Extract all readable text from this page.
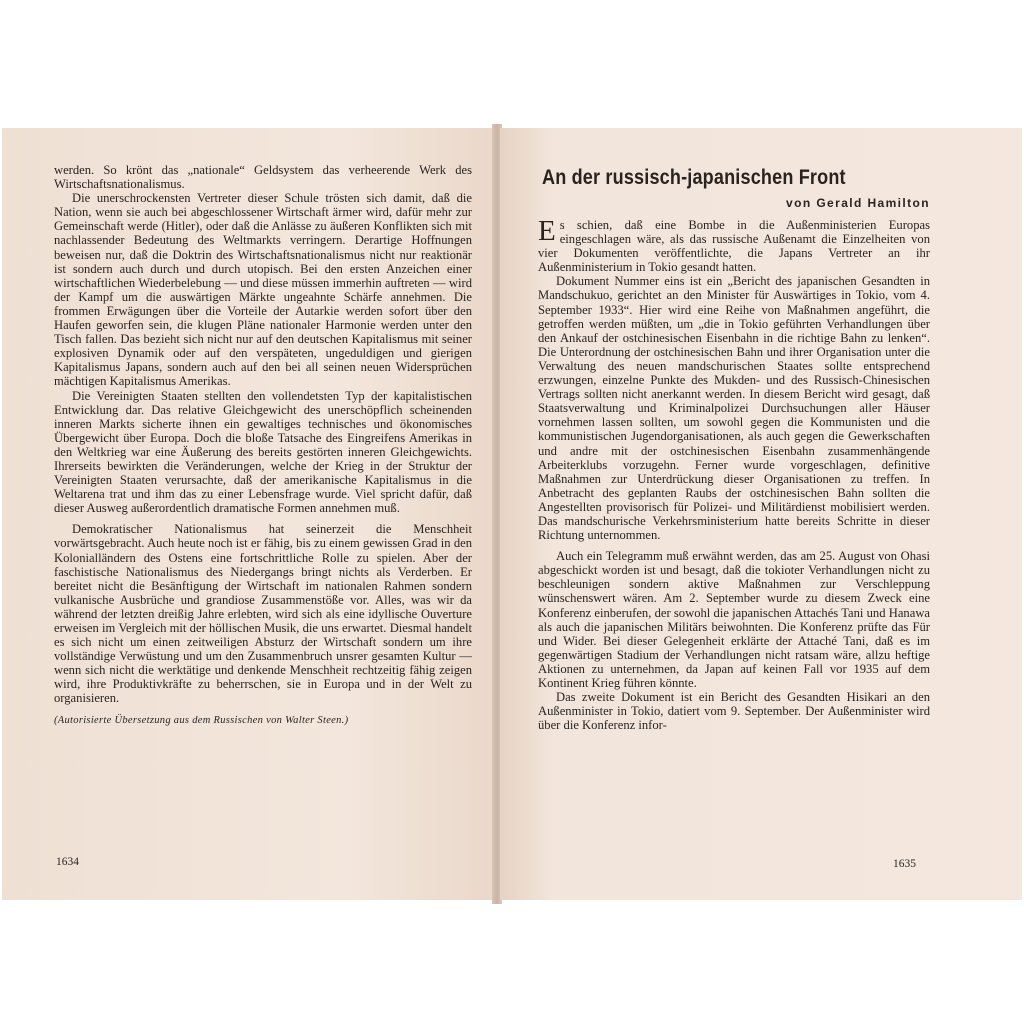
werden. So krönt das „nationale“ Geldsystem das verheerende Werk des Wirtschaftsnationalismus.

Die unerschrockensten Vertreter dieser Schule trösten sich damit, daß die Nation, wenn sie auch bei abgeschlossener Wirtschaft ärmer wird, dafür mehr zur Gemeinschaft werde (Hitler), oder daß die Anlässe zu äußeren Konflikten sich mit nachlassender Bedeutung des Weltmarkts verringern. Derartige Hoffnungen beweisen nur, daß die Doktrin des Wirtschaftsnationalismus nicht nur reaktionär ist sondern auch durch und durch utopisch. Bei den ersten Anzeichen einer wirtschaftlichen Wiederbelebung — und diese müssen immerhin auftreten — wird der Kampf um die auswärtigen Märkte ungeahnte Schärfe annehmen. Die frommen Erwägungen über die Vorteile der Autarkie werden sofort über den Haufen geworfen sein, die klugen Pläne nationaler Harmonie werden unter den Tisch fallen. Das bezieht sich nicht nur auf den deutschen Kapitalismus mit seiner explosiven Dynamik oder auf den verspäteten, ungeduldigen und gierigen Kapitalismus Japans, sondern auch auf den bei all seinen neuen Widersprüchen mächtigen Kapitalismus Amerikas.

Die Vereinigten Staaten stellten den vollendetsten Typ der kapitalistischen Entwicklung dar. Das relative Gleichgewicht des unerschöpflich scheinenden inneren Markts sicherte ihnen ein gewaltiges technisches und ökonomisches Übergewicht über Europa. Doch die bloße Tatsache des Eingreifens Amerikas in den Weltkrieg war eine Äußerung des bereits gestörten inneren Gleichgewichts. Ihrerseits bewirkten die Veränderungen, welche der Krieg in der Struktur der Vereinigten Staaten verursachte, daß der amerikanische Kapitalismus in die Weltarena trat und ihm das zu einer Lebensfrage wurde. Viel spricht dafür, daß dieser Ausweg außerordentlich dramatische Formen annehmen muß.

Demokratischer Nationalismus hat seinerzeit die Menschheit vorwärtsgebracht. Auch heute noch ist er fähig, bis zu einem gewissen Grad in den Kolonialländern des Ostens eine fortschrittliche Rolle zu spielen. Aber der faschistische Nationalismus des Niedergangs bringt nichts als Verderben. Er bereitet nicht die Besänftigung der Wirtschaft im nationalen Rahmen sondern vulkanische Ausbrüche und grandiose Zusammenstöße vor. Alles, was wir da während der letzten dreißig Jahre erlebten, wird sich als eine idyllische Ouverture erweisen im Vergleich mit der höllischen Musik, die uns erwartet. Diesmal handelt es sich nicht um einen zeitweiligen Absturz der Wirtschaft sondern um ihre vollständige Verwüstung und um den Zusammenbruch unsrer gesamten Kultur — wenn sich nicht die werktätige und denkende Menschheit rechtzeitig fähig zeigen wird, ihre Produktivkräfte zu beherrschen, sie in Europa und in der Welt zu organisieren.

(Autorisierte Übersetzung aus dem Russischen von Walter Steen.)
1634
An der russisch-japanischen Front
von Gerald Hamilton

Es schien, daß eine Bombe in die Außenministerien Europas eingeschlagen wäre, als das russische Außenamt die Einzelheiten von vier Dokumenten veröffentlichte, die Japans Vertreter an ihr Außenministerium in Tokio gesandt hatten.

Dokument Nummer eins ist ein „Bericht des japanischen Gesandten in Mandschukuo, gerichtet an den Minister für Auswärtiges in Tokio, vom 4. September 1933“. Hier wird eine Reihe von Maßnahmen angeführt, die getroffen werden müßten, um „die in Tokio geführten Verhandlungen über den Ankauf der ostchinesischen Eisenbahn in die richtige Bahn zu lenken“. Die Unterordnung der ostchinesischen Bahn und ihrer Organisation unter die Verwaltung des neuen mandschurischen Staates sollte entsprechend erzwungen, einzelne Punkte des Mukden- und des Russisch-Chinesischen Vertrags sollten nicht anerkannt werden. In diesem Bericht wird gesagt, daß Staatsverwaltung und Kriminalpolizei Durchsuchungen aller Häuser vornehmen lassen sollten, um sowohl gegen die Kommunisten und die kommunistischen Jugendorganisationen, als auch gegen die Gewerkschaften und andre mit der ostchinesischen Eisenbahn zusammenhängende Arbeiterklubs vorzugehn. Ferner wurde vorgeschlagen, definitive Maßnahmen zur Unterdrückung dieser Organisationen zu treffen. In Anbetracht des geplanten Raubs der ostchinesischen Bahn sollten die Angestellten provisorisch für Polizei- und Militärdienst mobilisiert werden. Das mandschurische Verkehrsministerium hatte bereits Schritte in dieser Richtung unternommen.

Auch ein Telegramm muß erwähnt werden, das am 25. August von Ohasi abgeschickt worden ist und besagt, daß die tokioter Verhandlungen nicht zu beschleunigen sondern aktive Maßnahmen zur Verschleppung wünschenswert wären. Am 2. September wurde zu diesem Zweck eine Konferenz einberufen, der sowohl die japanischen Attachés Tani und Hanawa als auch die japanischen Militärs beiwohnten. Die Konferenz prüfte das Für und Wider. Bei dieser Gelegenheit erklärte der Attaché Tani, daß es im gegenwärtigen Stadium der Verhandlungen nicht ratsam wäre, allzu heftige Aktionen zu unternehmen, da Japan auf keinen Fall vor 1935 auf dem Kontinent Krieg führen könnte.

Das zweite Dokument ist ein Bericht des Gesandten Hisikari an den Außenminister in Tokio, datiert vom 9. September. Der Außenminister wird über die Konferenz infor-

1635
